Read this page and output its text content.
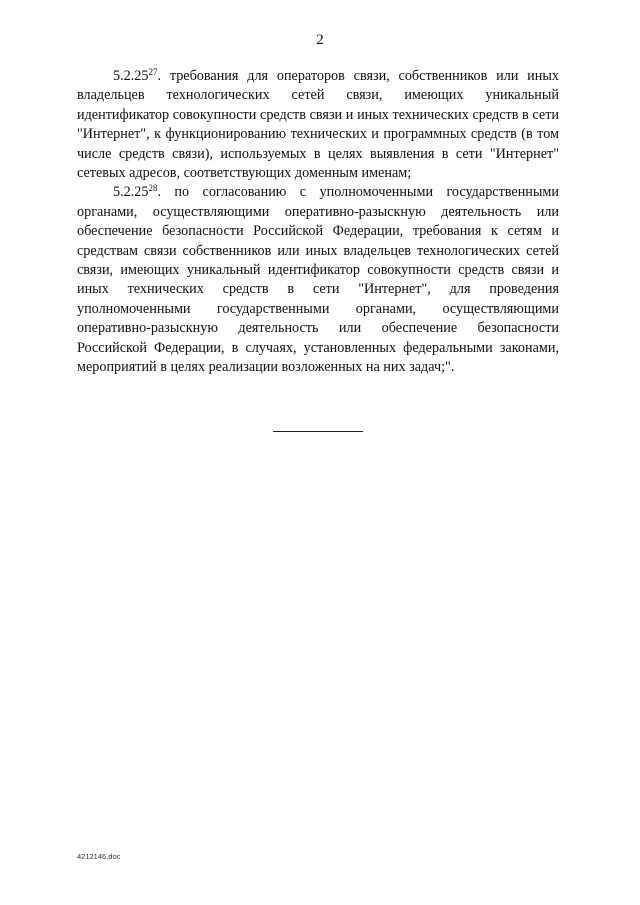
2

5.2.25$^{27}$. требования для операторов связи, собственников или иных владельцев технологических сетей связи, имеющих уникальный идентификатор совокупности средств связи и иных технических средств в сети "Интернет", к функционированию технических и программных средств (в том числе средств связи), используемых в целях выявления в сети "Интернет" сетевых адресов, соответствующих доменным именам;

5.2.25$^{28}$. по согласованию с уполномоченными государственными органами, осуществляющими оперативно-разыскную деятельность или обеспечение безопасности Российской Федерации, требования к сетям и средствам связи собственников или иных владельцев технологических сетей связи, имеющих уникальный идентификатор совокупности средств связи и иных технических средств в сети "Интернет", для проведения уполномоченными государственными органами, осуществляющими оперативно-разыскную деятельность или обеспечение безопасности Российской Федерации, в случаях, установленных федеральными законами, мероприятий в целях реализации возложенных на них задач;".

4212146.doc
